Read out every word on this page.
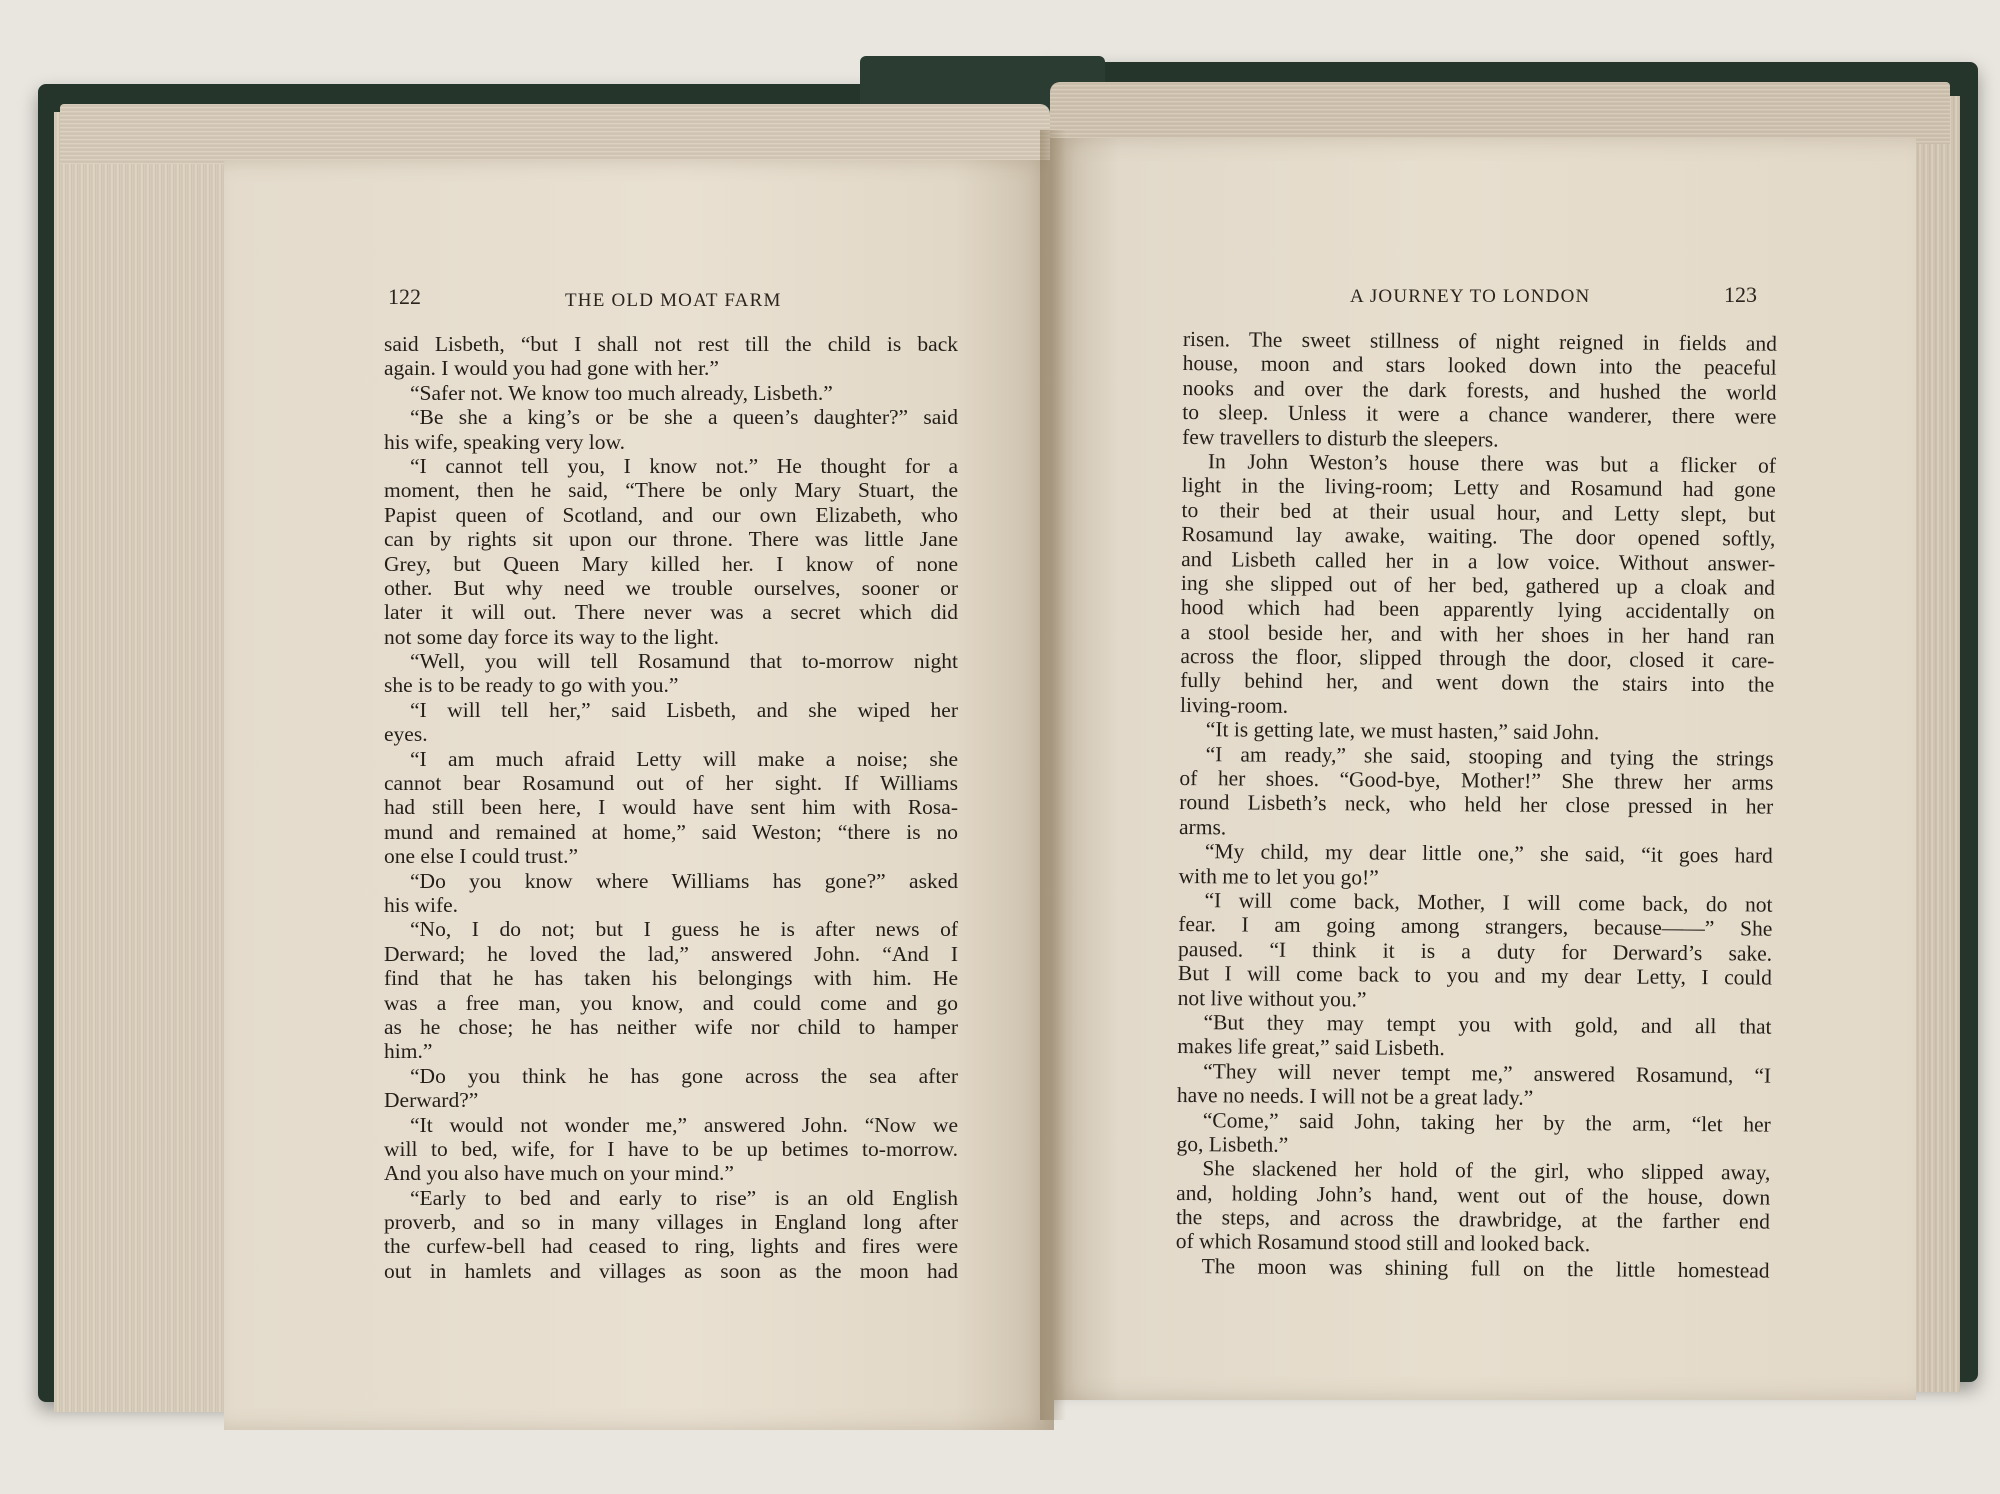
122	THE OLD MOAT FARM	A JOURNEY TO LONDON	123
said Lisbeth, “but I shall not rest till the child is back
again. I would you had gone with her.”
“Safer not. We know too much already, Lisbeth.”
“Be she a king’s or be she a queen’s daughter?” said
his wife, speaking very low.
“I cannot tell you, I know not.” He thought for a
moment, then he said, “There be only Mary Stuart, the
Papist queen of Scotland, and our own Elizabeth, who
can by rights sit upon our throne. There was little Jane
Grey, but Queen Mary killed her. I know of none
other. But why need we trouble ourselves, sooner or
later it will out. There never was a secret which did
not some day force its way to the light.
“Well, you will tell Rosamund that to-morrow night
she is to be ready to go with you.”
“I will tell her,” said Lisbeth, and she wiped her
eyes.
“I am much afraid Letty will make a noise; she
cannot bear Rosamund out of her sight. If Williams
had still been here, I would have sent him with Rosa-
mund and remained at home,” said Weston; “there is no
one else I could trust.”
“Do you know where Williams has gone?” asked
his wife.
“No, I do not; but I guess he is after news of
Derward; he loved the lad,” answered John. “And I
find that he has taken his belongings with him. He
was a free man, you know, and could come and go
as he chose; he has neither wife nor child to hamper
him.”
“Do you think he has gone across the sea after
Derward?”
“It would not wonder me,” answered John. “Now we
will to bed, wife, for I have to be up betimes to-morrow.
And you also have much on your mind.”
“Early to bed and early to rise” is an old English
proverb, and so in many villages in England long after
the curfew-bell had ceased to ring, lights and fires were
out in hamlets and villages as soon as the moon had
risen. The sweet stillness of night reigned in fields and
house, moon and stars looked down into the peaceful
nooks and over the dark forests, and hushed the world
to sleep. Unless it were a chance wanderer, there were
few travellers to disturb the sleepers.
In John Weston’s house there was but a flicker of
light in the living-room; Letty and Rosamund had gone
to their bed at their usual hour, and Letty slept, but
Rosamund lay awake, waiting. The door opened softly,
and Lisbeth called her in a low voice. Without answer-
ing she slipped out of her bed, gathered up a cloak and
hood which had been apparently lying accidentally on
a stool beside her, and with her shoes in her hand ran
across the floor, slipped through the door, closed it care-
fully behind her, and went down the stairs into the
living-room.
“It is getting late, we must hasten,” said John.
“I am ready,” she said, stooping and tying the strings
of her shoes. “Good-bye, Mother!” She threw her arms
round Lisbeth’s neck, who held her close pressed in her
arms.
“My child, my dear little one,” she said, “it goes hard
with me to let you go!”
“I will come back, Mother, I will come back, do not
fear. I am going among strangers, because——” She
paused. “I think it is a duty for Derward’s sake.
But I will come back to you and my dear Letty, I could
not live without you.”
“But they may tempt you with gold, and all that
makes life great,” said Lisbeth.
“They will never tempt me,” answered Rosamund, “I
have no needs. I will not be a great lady.”
“Come,” said John, taking her by the arm, “let her
go, Lisbeth.”
She slackened her hold of the girl, who slipped away,
and, holding John’s hand, went out of the house, down
the steps, and across the drawbridge, at the farther end
of which Rosamund stood still and looked back.
The moon was shining full on the little homestead
